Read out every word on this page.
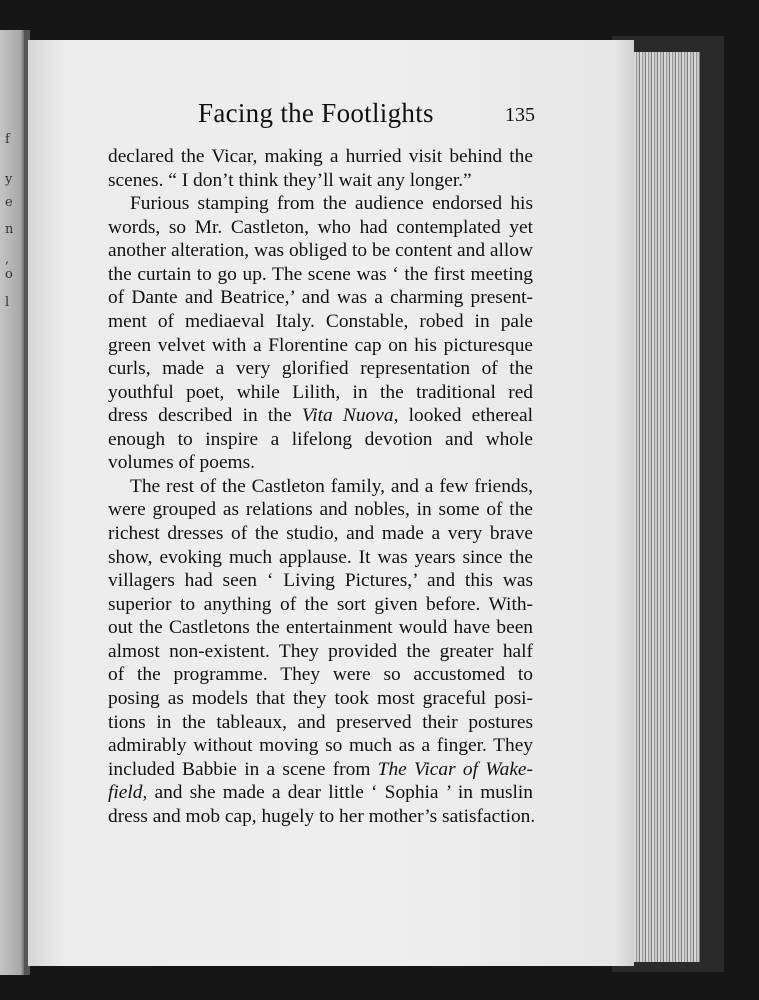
f
y
e
n
,
o
l
Facing the Footlights	135
declared the Vicar, making a hurried visit behind the
scenes. “ I don’t think they’ll wait any longer.”
Furious stamping from the audience endorsed his
words, so Mr. Castleton, who had contemplated yet
another alteration, was obliged to be content and allow
the curtain to go up. The scene was ‘ the first meeting
of Dante and Beatrice,’ and was a charming present-
ment of mediaeval Italy. Constable, robed in pale
green velvet with a Florentine cap on his picturesque
curls, made a very glorified representation of the
youthful poet, while Lilith, in the traditional red
dress described in the Vita Nuova, looked ethereal
enough to inspire a lifelong devotion and whole
volumes of poems.
The rest of the Castleton family, and a few friends,
were grouped as relations and nobles, in some of the
richest dresses of the studio, and made a very brave
show, evoking much applause. It was years since the
villagers had seen ‘ Living Pictures,’ and this was
superior to anything of the sort given before. With-
out the Castletons the entertainment would have been
almost non-existent. They provided the greater half
of the programme. They were so accustomed to
posing as models that they took most graceful posi-
tions in the tableaux, and preserved their postures
admirably without moving so much as a finger. They
included Babbie in a scene from The Vicar of Wake-
field, and she made a dear little ‘ Sophia ’ in muslin
dress and mob cap, hugely to her mother’s satisfaction.
